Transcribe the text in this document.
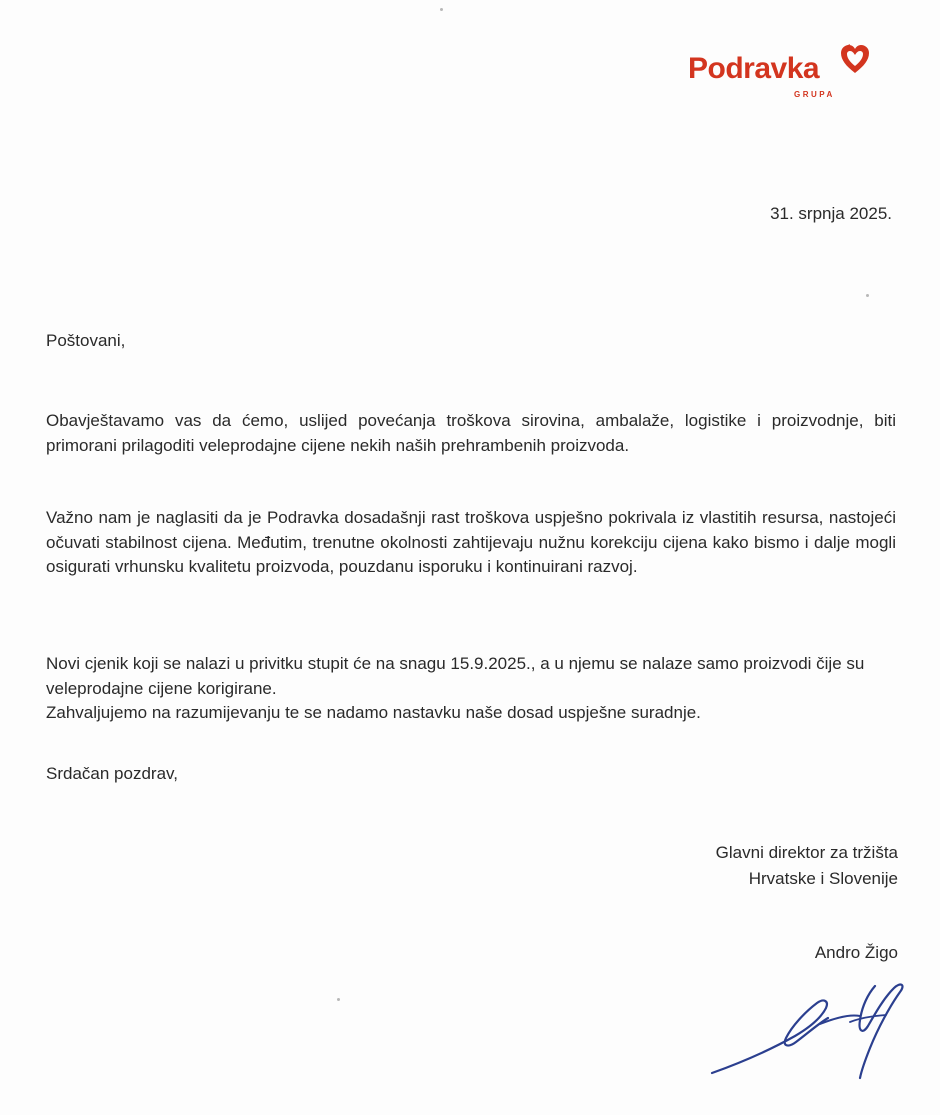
Podravka
GRUPA
31. srpnja 2025.
Poštovani,
Obavještavamo vas da ćemo, uslijed povećanja troškova sirovina, ambalaže, logistike i proizvodnje, biti primorani prilagoditi veleprodajne cijene nekih naših prehrambenih proizvoda.
Važno nam je naglasiti da je Podravka dosadašnji rast troškova uspješno pokrivala iz vlastitih resursa, nastojeći očuvati stabilnost cijena. Međutim, trenutne okolnosti zahtijevaju nužnu korekciju cijena kako bismo i dalje mogli osigurati vrhunsku kvalitetu proizvoda, pouzdanu isporuku i kontinuirani razvoj.
Novi cjenik koji se nalazi u privitku stupit će na snagu 15.9.2025., a u njemu se nalaze samo proizvodi čije su veleprodajne cijene korigirane.
Zahvaljujemo na razumijevanju te se nadamo nastavku naše dosad uspješne suradnje.
Srdačan pozdrav,
Glavni direktor za tržišta
Hrvatske i Slovenije
Andro Žigo
